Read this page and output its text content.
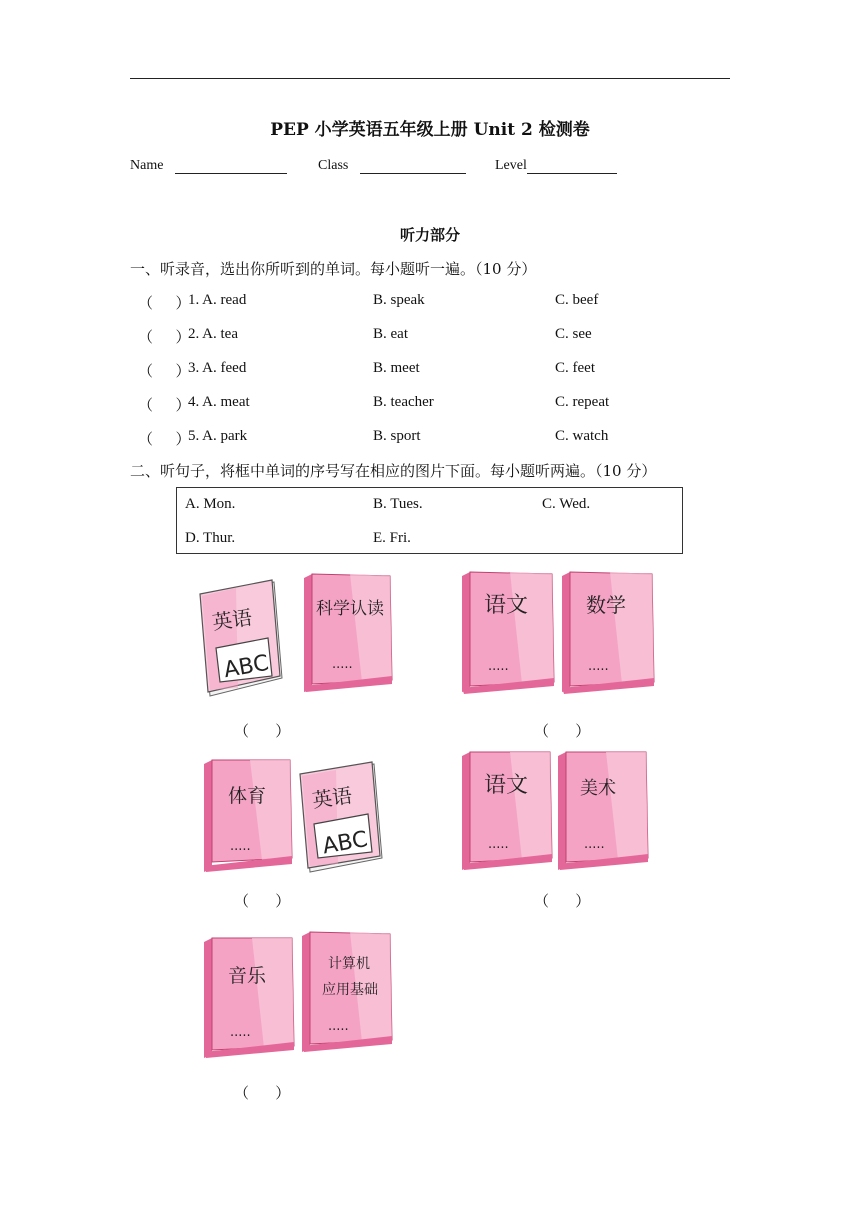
PEP 小学英语五年级上册 Unit 2 检测卷
Name	Class	Level
听力部分
一、听录音，选出你所听到的单词。每小题听一遍。（10 分）
（      ）
1. A. read	B. speak	C. beef
（      ）
2. A. tea	B. eat	C. see
（      ）
3. A. feed	B. meet	C. feet
（      ）
4. A. meat	B. teacher	C. repeat
（      ）
5. A. park	B. sport	C. watch
二、听句子，将框中单词的序号写在相应的图片下面。每小题听两遍。（10 分）
A. Mon.	B. Tues.	C. Wed.
D. Thur.	E. Fri.
英语
ABC
科学认读
·····
（       ）
语文
·····
数学
·····
（       ）
体育
·····
英语
ABC
（       ）
语文
·····
美术
·····
（       ）
音乐
·····
计算机
应用基础
·····
（       ）
